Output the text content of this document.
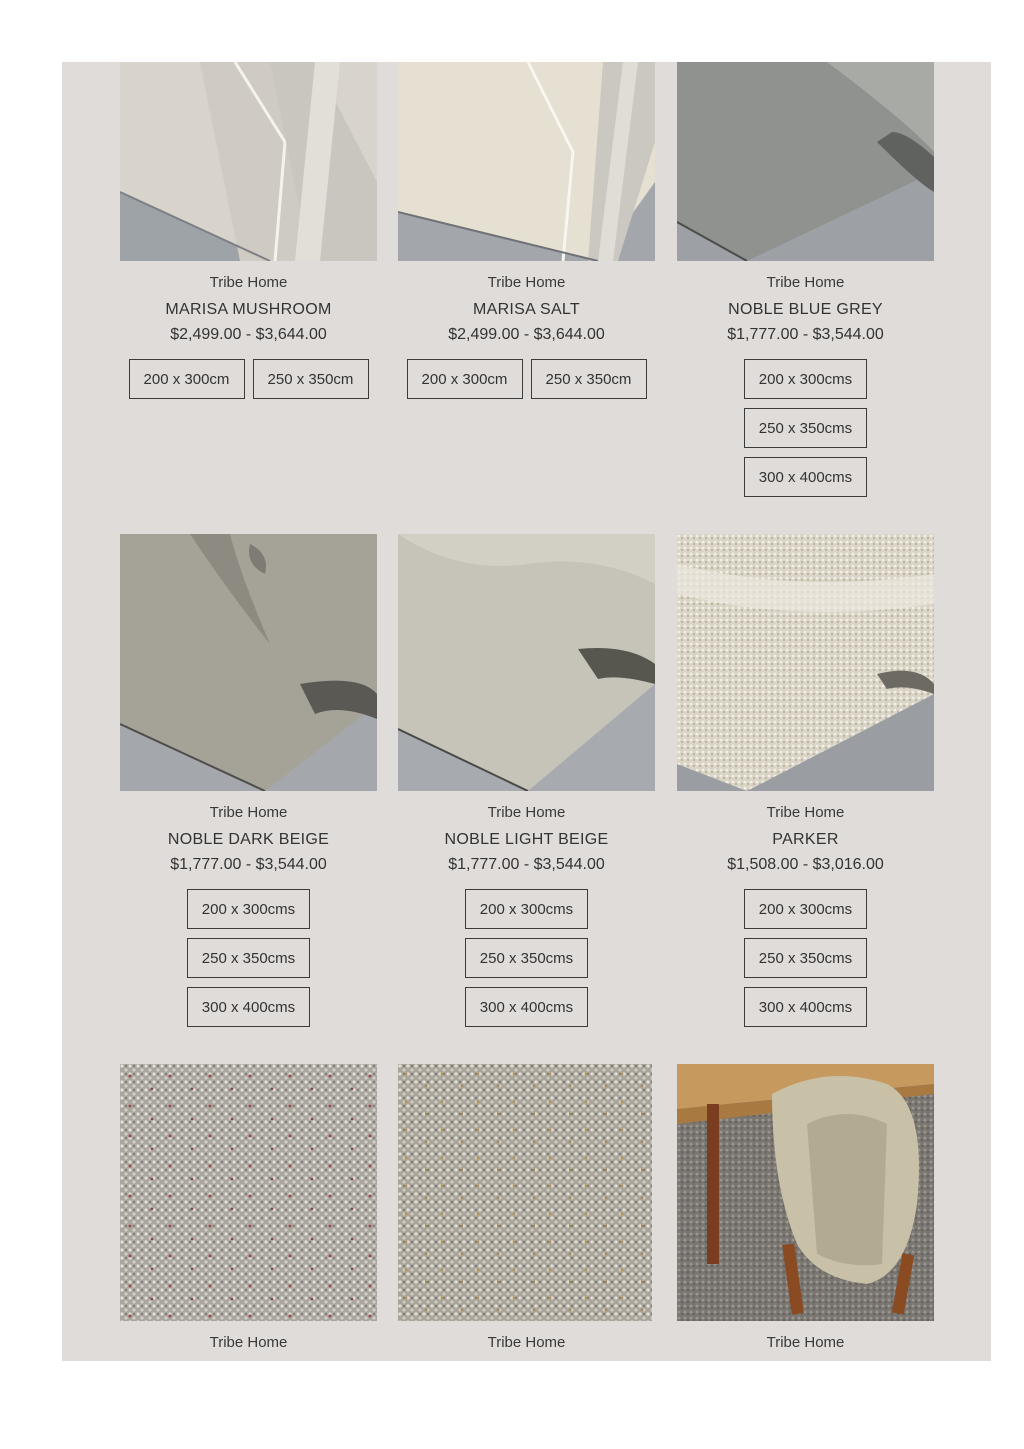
Tribe Home
MARISA MUSHROOM
$2,499.00 - $3,644.00
200 x 300cm	250 x 350cm
Tribe Home
MARISA SALT
$2,499.00 - $3,644.00
200 x 300cm	250 x 350cm
Tribe Home
NOBLE BLUE GREY
$1,777.00 - $3,544.00
200 x 300cms
250 x 350cms
300 x 400cms
Tribe Home
NOBLE DARK BEIGE
$1,777.00 - $3,544.00
200 x 300cms
250 x 350cms
300 x 400cms
Tribe Home
NOBLE LIGHT BEIGE
$1,777.00 - $3,544.00
200 x 300cms
250 x 350cms
300 x 400cms
Tribe Home
PARKER
$1,508.00 - $3,016.00
200 x 300cms
250 x 350cms
300 x 400cms
Tribe Home	Tribe Home	Tribe Home
